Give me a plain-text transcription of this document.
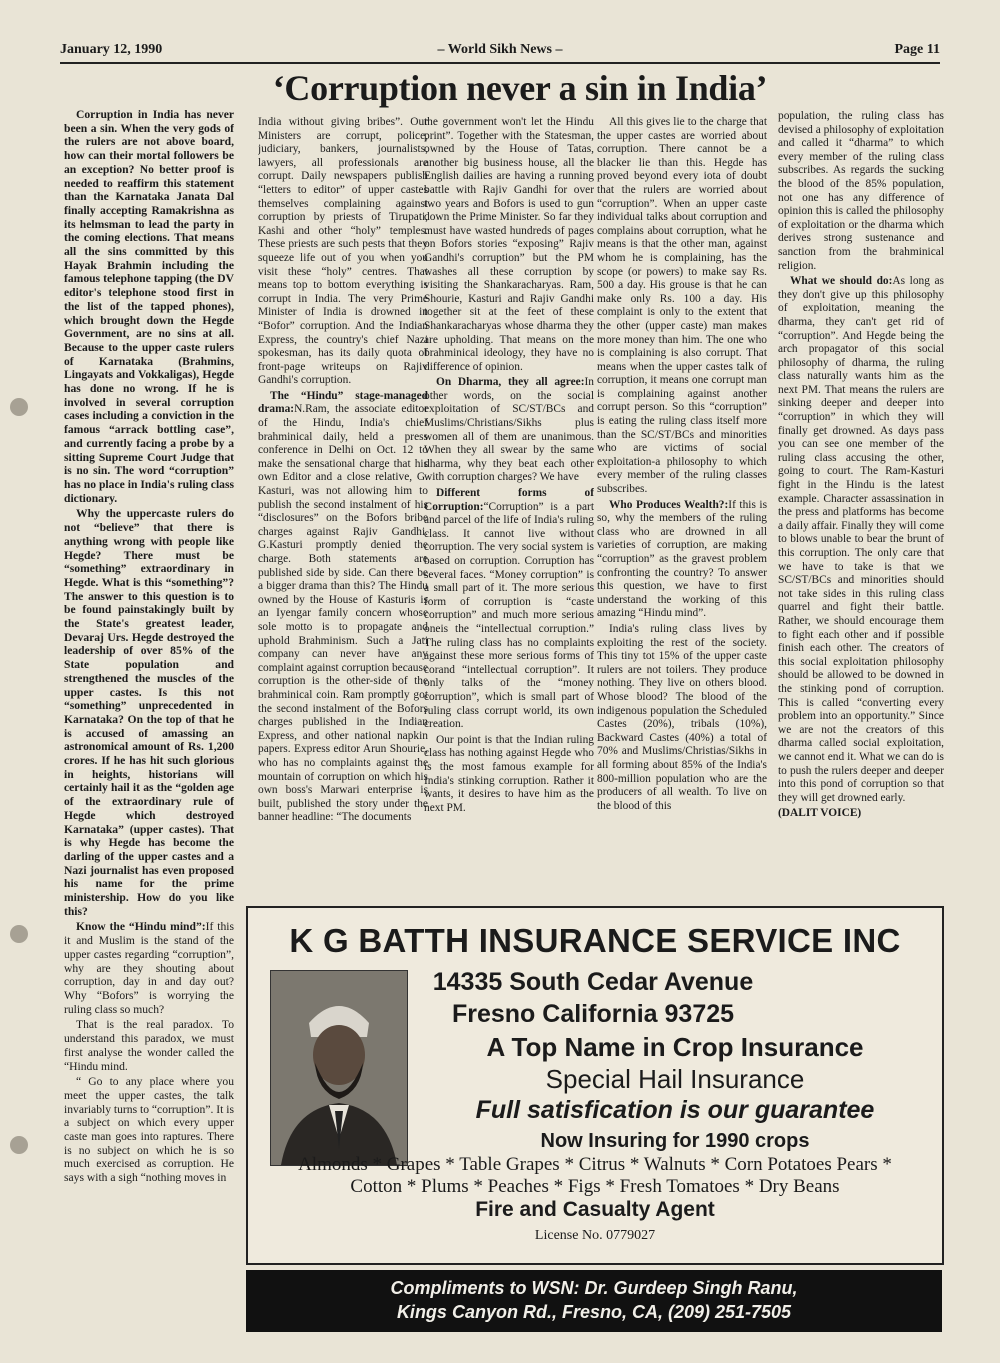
January 12, 1990	– World Sikh News –	Page 11
‘Corruption never a sin in India’

Corruption in India has never been a sin. When the very gods of the rulers are not above board, how can their mortal followers be an exception? No better proof is needed to reaffirm this statement than the Karnataka Janata Dal finally accepting Ramakrishna as its helmsman to lead the party in the coming elections. That means all the sins committed by this Hayak Brahmin including the famous telephone tapping (the DV editor's telephone stood first in the list of the tapped phones), which brought down the Hegde Government, are no sins at all. Because to the upper caste rulers of Karnataka (Brahmins, Lingayats and Vokkaligas), Hegde has done no wrong. If he is involved in several corruption cases including a conviction in the famous “arrack bottling case”, and currently facing a probe by a sitting Supreme Court Judge that is no sin. The word “corruption” has no place in India's ruling class dictionary.

Why the uppercaste rulers do not “believe” that there is anything wrong with people like Hegde? There must be “something” extraordinary in Hegde. What is this “something”? The answer to this question is to be found painstakingly built by the State's greatest leader, Devaraj Urs. Hegde destroyed the leadership of over 85% of the State population and strengthened the muscles of the upper castes. Is this not “something” unprecedented in Karnataka? On the top of that he is accused of amassing an astronomical amount of Rs. 1,200 crores. If he has hit such glorious in heights, historians will certainly hail it as the “golden age of the extraordinary rule of Hegde which destroyed Karnataka” (upper castes). That is why Hegde has become the darling of the upper castes and a Nazi journalist has even proposed his name for the prime ministership. How do you like this?

Know the “Hindu mind”:If this it and Muslim is the stand of the upper castes regarding “corruption”, why are they shouting about corruption, day in and day out? Why “Bofors” is worrying the ruling class so much?

That is the real paradox. To understand this paradox, we must first analyse the wonder called the “Hindu mind.

“ Go to any place where you meet the upper castes, the talk invariably turns to “corruption”. It is a subject on which every upper caste man goes into raptures. There is no subject on which he is so much exercised as corruption. He says with a sigh “nothing moves in

India without giving bribes”. Our Ministers are corrupt, police, judiciary, bankers, journalists, lawyers, all professionals are corrupt. Daily newspapers publish “letters to editor” of upper castes themselves complaining against corruption by priests of Tirupati, Kashi and other “holy” temples. These priests are such pests that they squeeze life out of you when you visit these “holy” centres. That means top to bottom everything is corrupt in India. The very Prime Minister of India is drowned in “Bofor” corruption. And the Indian Express, the country's chief Nazi spokesman, has its daily quota of front-page writeups on Rajiv Gandhi's corruption.

The “Hindu” stage-managed drama:N.Ram, the associate editor of the Hindu, India's chief brahminical daily, held a press conference in Delhi on Oct. 12 to make the sensational charge that his own Editor and a close relative, G. Kasturi, was not allowing him to publish the second instalment of his “disclosures” on the Bofors bribe charges against Rajiv Gandhi. G.Kasturi promptly denied the charge. Both statements are published side by side. Can there be a bigger drama than this? The Hindu owned by the House of Kasturis is an Iyengar family concern whose sole motto is to propagate and uphold Brahminism. Such a Jati company can never have any complaint against corruption because corruption is the other-side of the brahminical coin. Ram promptly got the second instalment of the Bofors charges published in the Indian Express, and other national napkin papers. Express editor Arun Shourie, who has no complaints against the mountain of corruption on which his own boss's Marwari enterprise is built, published the story under the banner headline: “The documents

the government won't let the Hindu print”. Together with the Statesman, owned by the House of Tatas, another big business house, all the English dailies are having a running battle with Rajiv Gandhi for over two years and Bofors is used to gun down the Prime Minister. So far they must have wasted hundreds of pages on Bofors stories “exposing” Rajiv Gandhi's corruption” but the PM washes all these corruption by visiting the Shankaracharyas. Ram, Shourie, Kasturi and Rajiv Gandhi together sit at the feet of these Shankaracharyas whose dharma they are upholding. That means on the brahminical ideology, they have no difference of opinion.

On Dharma, they all agree:In other words, on the social exploitation of SC/ST/BCs and Muslims/Christians/Sikhs plus women all of them are unanimous. When they all swear by the same dharma, why they beat each other with corruption charges? We have

Different forms of Corruption:“Corruption” is a part and parcel of the life of India's ruling class. It cannot live without corruption. The very social system is based on corruption. Corruption has several faces. “Money corruption” is a small part of it. The more serious form of corruption is “caste corruption” and much more serious oneis the “intellectual corruption.” The ruling class has no complaints against these more serious forms of corand “intellectual corruption”. It only talks of the “money corruption”, which is small part of ruling class corrupt world, its own creation.

Our point is that the Indian ruling class has nothing against Hegde who is the most famous example for India's stinking corruption. Rather it wants, it desires to have him as the next PM.

All this gives lie to the charge that the upper castes are worried about corruption. There cannot be a blacker lie than this. Hegde has proved beyond every iota of doubt that the rulers are worried about “corruption”. When an upper caste individual talks about corruption and complains about corruption, what he means is that the other man, against whom he is complaining, has the scope (or powers) to make say Rs. 500 a day. His grouse is that he can make only Rs. 100 a day. His complaint is only to the extent that the other (upper caste) man makes more money than him. The one who is complaining is also corrupt. That means when the upper castes talk of corruption, it means one corrupt man is complaining against another corrupt person. So this “corruption” is eating the ruling class itself more than the SC/ST/BCs and minorities who are victims of social exploitation-a philosophy to which every member of the ruling classes subscribes.

Who Produces Wealth?:If this is so, why the members of the ruling class who are drowned in all varieties of corruption, are making “corruption” as the gravest problem confronting the country? To answer this question, we have to first understand the working of this amazing “Hindu mind”.

India's ruling class lives by exploiting the rest of the society. This tiny tot 15% of the upper caste rulers are not toilers. They produce nothing. They live on others blood. Whose blood? The blood of the indigenous population the Scheduled Castes (20%), tribals (10%), Backward Castes (40%) a total of 70% and Muslims/Christias/Sikhs in all forming about 85% of the India's 800-million population who are the producers of all wealth. To live on the blood of this

population, the ruling class has devised a philosophy of exploitation and called it “dharma” to which every member of the ruling class subscribes. As regards the sucking the blood of the 85% population, not one has any difference of opinion this is called the philosophy of exploitation or the dharma which derives strong sustenance and sanction from the brahminical religion.

What we should do:As long as they don't give up this philosophy of exploitation, meaning the dharma, they can't get rid of “corruption”. And Hegde being the arch propagator of this social philosophy of dharma, the ruling class naturally wants him as the next PM. That means the rulers are sinking deeper and deeper into “corruption” in which they will finally get drowned. As days pass you can see one member of the ruling class accusing the other, going to court. The Ram-Kasturi fight in the Hindu is the latest example. Character assassination in the press and platforms has become a daily affair. Finally they will come to blows unable to bear the brunt of this corruption. The only care that we have to take is that we SC/ST/BCs and minorities should not take sides in this ruling class quarrel and fight their battle. Rather, we should encourage them to fight each other and if possible finish each other. The creators of this social exploitation philosophy should be allowed to be downed in the stinking pond of corruption. This is called “converting every problem into an opportunity.” Since we are not the creators of this dharma called social exploitation, we cannot end it. What we can do is to push the rulers deeper and deeper into this pond of corruption so that they will get drowned early.

(DALIT VOICE)

K G BATTH INSURANCE SERVICE INC
14335 South Cedar Avenue
Fresno California 93725
A Top Name in Crop Insurance
Special Hail Insurance
Full satisfication is our guarantee
Now Insuring for 1990 crops
Almonds * Grapes * Table Grapes * Citrus * Walnuts * Corn Potatoes Pears *
Cotton * Plums * Peaches * Figs * Fresh Tomatoes * Dry Beans
Fire and Casualty Agent
License No. 0779027
Compliments to WSN: Dr. Gurdeep Singh Ranu,
Kings Canyon Rd., Fresno, CA, (209) 251-7505
